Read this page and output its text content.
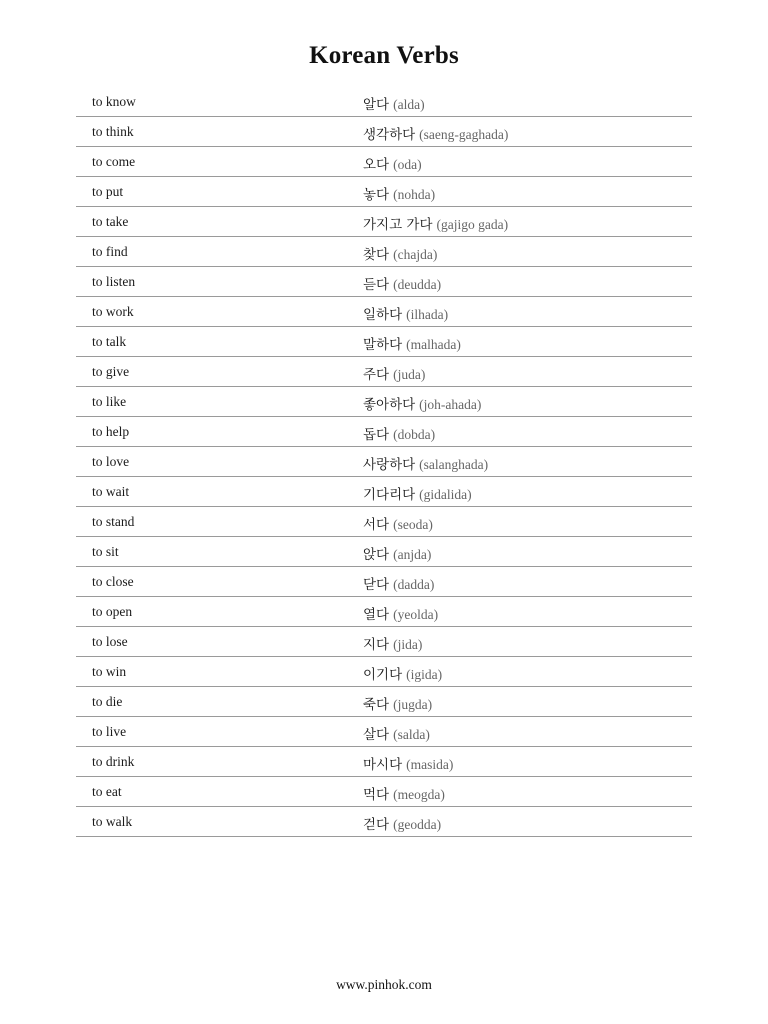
Korean Verbs
to know	알다 (alda)
to think	생각하다 (saeng-gaghada)
to come	오다 (oda)
to put	놓다 (nohda)
to take	가지고 가다 (gajigo gada)
to find	찾다 (chajda)
to listen	듣다 (deudda)
to work	일하다 (ilhada)
to talk	말하다 (malhada)
to give	주다 (juda)
to like	좋아하다 (joh-ahada)
to help	돕다 (dobda)
to love	사랑하다 (salanghada)
to wait	기다리다 (gidalida)
to stand	서다 (seoda)
to sit	앉다 (anjda)
to close	닫다 (dadda)
to open	열다 (yeolda)
to lose	지다 (jida)
to win	이기다 (igida)
to die	죽다 (jugda)
to live	살다 (salda)
to drink	마시다 (masida)
to eat	먹다 (meogda)
to walk	걷다 (geodda)
www.pinhok.com
